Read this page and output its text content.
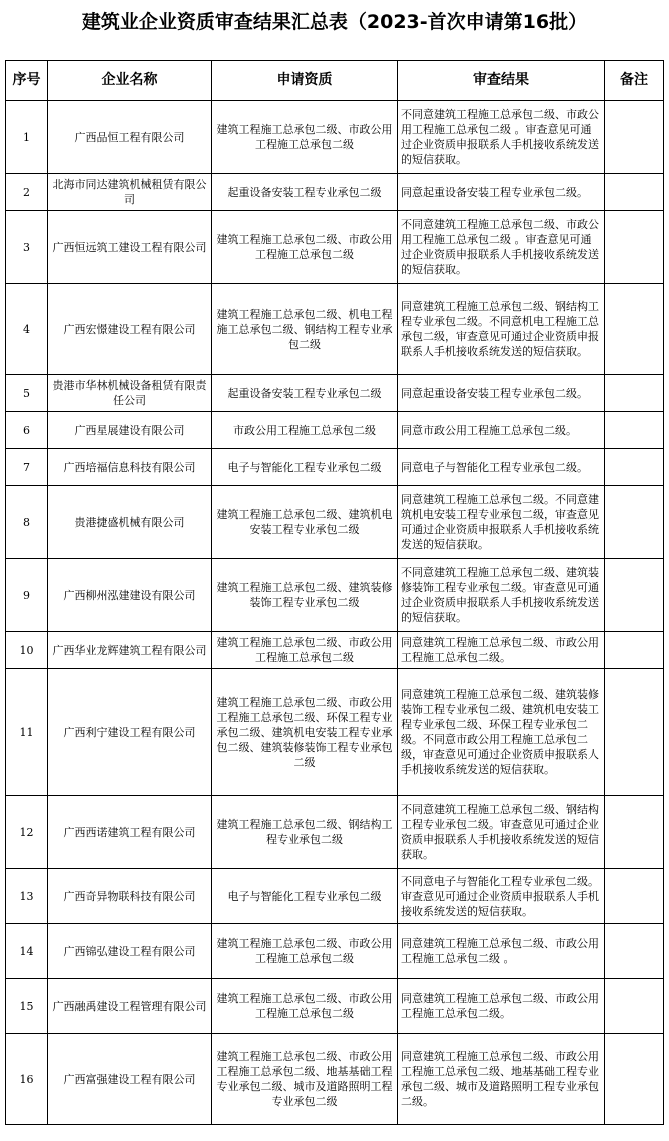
建筑业企业资质审查结果汇总表（2023-首次申请第16批）
序号	企业名称	申请资质	审查结果	备注
1	广西品恒工程有限公司	建筑工程施工总承包二级、市政公用工程施工总承包二级	不同意建筑工程施工总承包二级、市政公用工程施工总承包二级 。审查意见可通过企业资质申报联系人手机接收系统发送的短信获取。	
2	北海市同达建筑机械租赁有限公司	起重设备安装工程专业承包二级	同意起重设备安装工程专业承包二级。	
3	广西恒远筑工建设工程有限公司	建筑工程施工总承包二级、市政公用工程施工总承包二级	不同意建筑工程施工总承包二级、市政公用工程施工总承包二级 。审查意见可通过企业资质申报联系人手机接收系统发送的短信获取。	
4	广西宏憬建设工程有限公司	建筑工程施工总承包二级、机电工程施工总承包二级、钢结构工程专业承包二级	同意建筑工程施工总承包二级、钢结构工程专业承包二级。不同意机电工程施工总承包二级，审查意见可通过企业资质申报联系人手机接收系统发送的短信获取。	
5	贵港市华林机械设备租赁有限责任公司	起重设备安装工程专业承包二级	同意起重设备安装工程专业承包二级。	
6	广西星展建设有限公司	市政公用工程施工总承包二级	同意市政公用工程施工总承包二级。	
7	广西培福信息科技有限公司	电子与智能化工程专业承包二级	同意电子与智能化工程专业承包二级。	
8	贵港捷盛机械有限公司	建筑工程施工总承包二级、建筑机电安装工程专业承包二级	同意建筑工程施工总承包二级。不同意建筑机电安装工程专业承包二级，审查意见可通过企业资质申报联系人手机接收系统发送的短信获取。	
9	广西柳州泓建建设有限公司	建筑工程施工总承包二级、建筑装修装饰工程专业承包二级	不同意建筑工程施工总承包二级、建筑装修装饰工程专业承包二级。审查意见可通过企业资质申报联系人手机接收系统发送的短信获取。	
10	广西华业龙辉建筑工程有限公司	建筑工程施工总承包二级、市政公用工程施工总承包二级	同意建筑工程施工总承包二级、市政公用工程施工总承包二级。	
11	广西利宁建设工程有限公司	建筑工程施工总承包二级、市政公用工程施工总承包二级、环保工程专业承包二级、建筑机电安装工程专业承包二级、建筑装修装饰工程专业承包二级	同意建筑工程施工总承包二级、建筑装修装饰工程专业承包二级、建筑机电安装工程专业承包二级、环保工程专业承包二级。不同意市政公用工程施工总承包二级，审查意见可通过企业资质申报联系人手机接收系统发送的短信获取。	
12	广西西诺建筑工程有限公司	建筑工程施工总承包二级、钢结构工程专业承包二级	不同意建筑工程施工总承包二级、钢结构工程专业承包二级。审查意见可通过企业资质申报联系人手机接收系统发送的短信获取。	
13	广西奇异物联科技有限公司	电子与智能化工程专业承包二级	不同意电子与智能化工程专业承包二级。审查意见可通过企业资质申报联系人手机接收系统发送的短信获取。	
14	广西锦弘建设工程有限公司	建筑工程施工总承包二级、市政公用工程施工总承包二级	同意建筑工程施工总承包二级、市政公用工程施工总承包二级 。	
15	广西融禹建设工程管理有限公司	建筑工程施工总承包二级、市政公用工程施工总承包二级	同意建筑工程施工总承包二级、市政公用工程施工总承包二级。	
16	广西富强建设工程有限公司	建筑工程施工总承包二级、市政公用工程施工总承包二级、地基基础工程专业承包二级、城市及道路照明工程专业承包二级	同意建筑工程施工总承包二级、市政公用工程施工总承包二级、地基基础工程专业承包二级、城市及道路照明工程专业承包二级。	
